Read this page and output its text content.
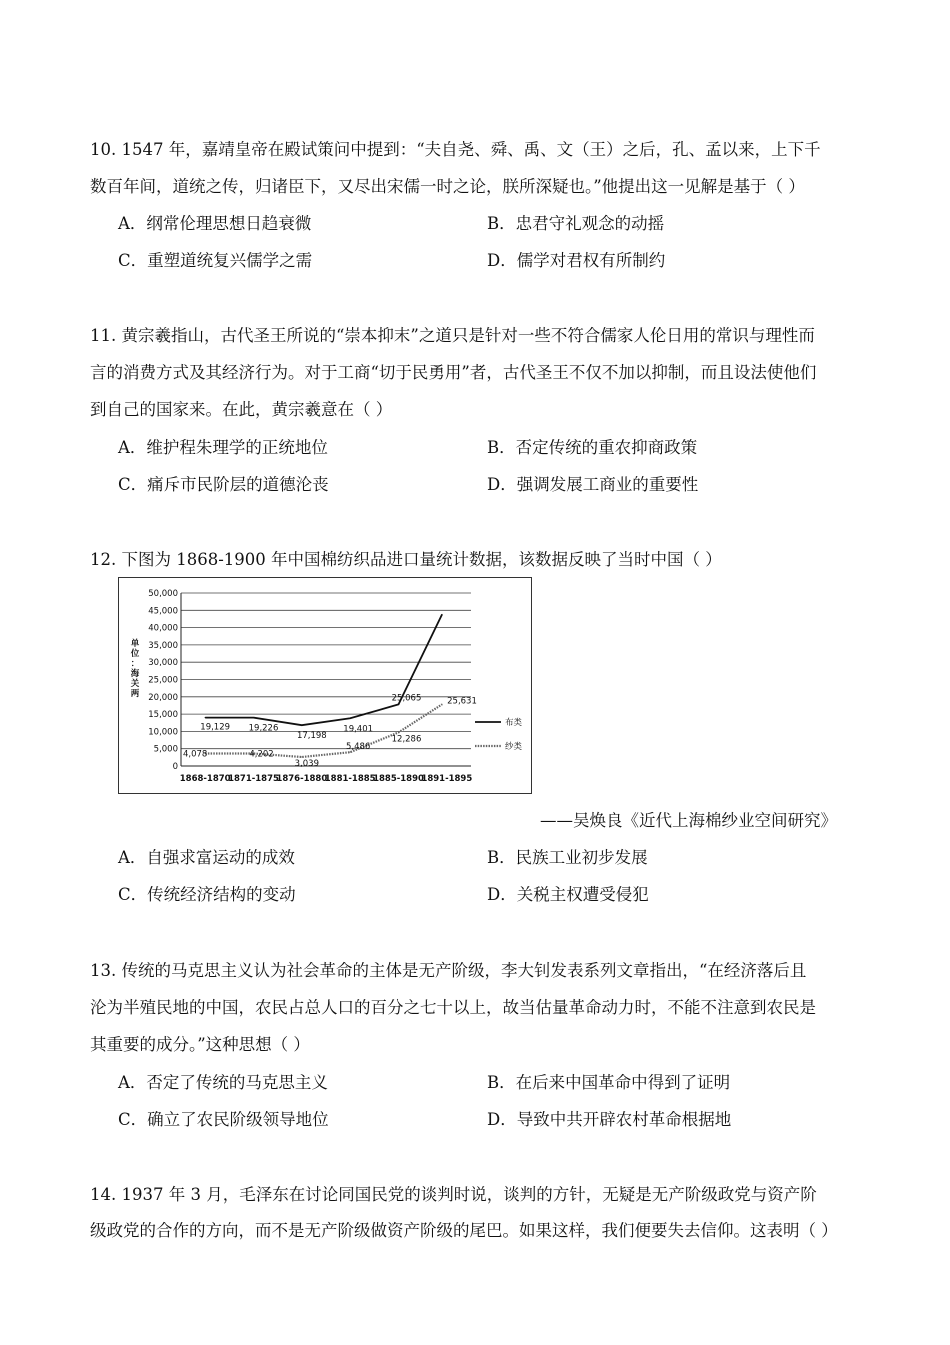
10. 1547 年，嘉靖皇帝在殿试策问中提到：“夫自尧、舜、禹、文（王）之后，孔、孟以来，上下千
数百年间，道统之传，归诸臣下，又尽出宋儒一时之论，朕所深疑也。”他提出这一见解是基于（ ）
A．纲常伦理思想日趋衰微	B．忠君守礼观念的动摇
C．重塑道统复兴儒学之需	D．儒学对君权有所制约
11. 黄宗羲指山，古代圣王所说的“崇本抑末”之道只是针对一些不符合儒家人伦日用的常识与理性而
言的消费方式及其经济行为。对于工商“切于民勇用”者，古代圣王不仅不加以抑制，而且设法使他们
到自己的国家来。在此，黄宗羲意在（ ）
A．维护程朱理学的正统地位	B．否定传统的重农抑商政策
C．痛斥市民阶层的道德沦丧	D．强调发展工商业的重要性
12. 下图为 1868-1900 年中国棉纺织品进口量统计数据，该数据反映了当时中国（ ）
0
5,000
10,000
15,000
20,000
25,000
30,000
35,000
40,000
45,000
50,000
单
位
：
海
关
两
1868-1870
1871-1875
1876-1880
1881-1885
1885-1890
1891-1895
19,129 19,226
17,198
19,401
25,065
布类
4,078	4,202
3,039
5,486
12,286
25,631
纱类
——吴焕良《近代上海棉纱业空间研究》
A．自强求富运动的成效	B．民族工业初步发展
C．传统经济结构的变动	D．关税主权遭受侵犯
13. 传统的马克思主义认为社会革命的主体是无产阶级，李大钊发表系列文章指出，“在经济落后且
沦为半殖民地的中国，农民占总人口的百分之七十以上，故当估量革命动力时，不能不注意到农民是
其重要的成分。”这种思想（ ）
A．否定了传统的马克思主义	B．在后来中国革命中得到了证明
C．确立了农民阶级领导地位	D．导致中共开辟农村革命根据地
14. 1937 年 3 月，毛泽东在讨论同国民党的谈判时说，谈判的方针，无疑是无产阶级政党与资产阶
级政党的合作的方向，而不是无产阶级做资产阶级的尾巴。如果这样，我们便要失去信仰。这表明（ ）
